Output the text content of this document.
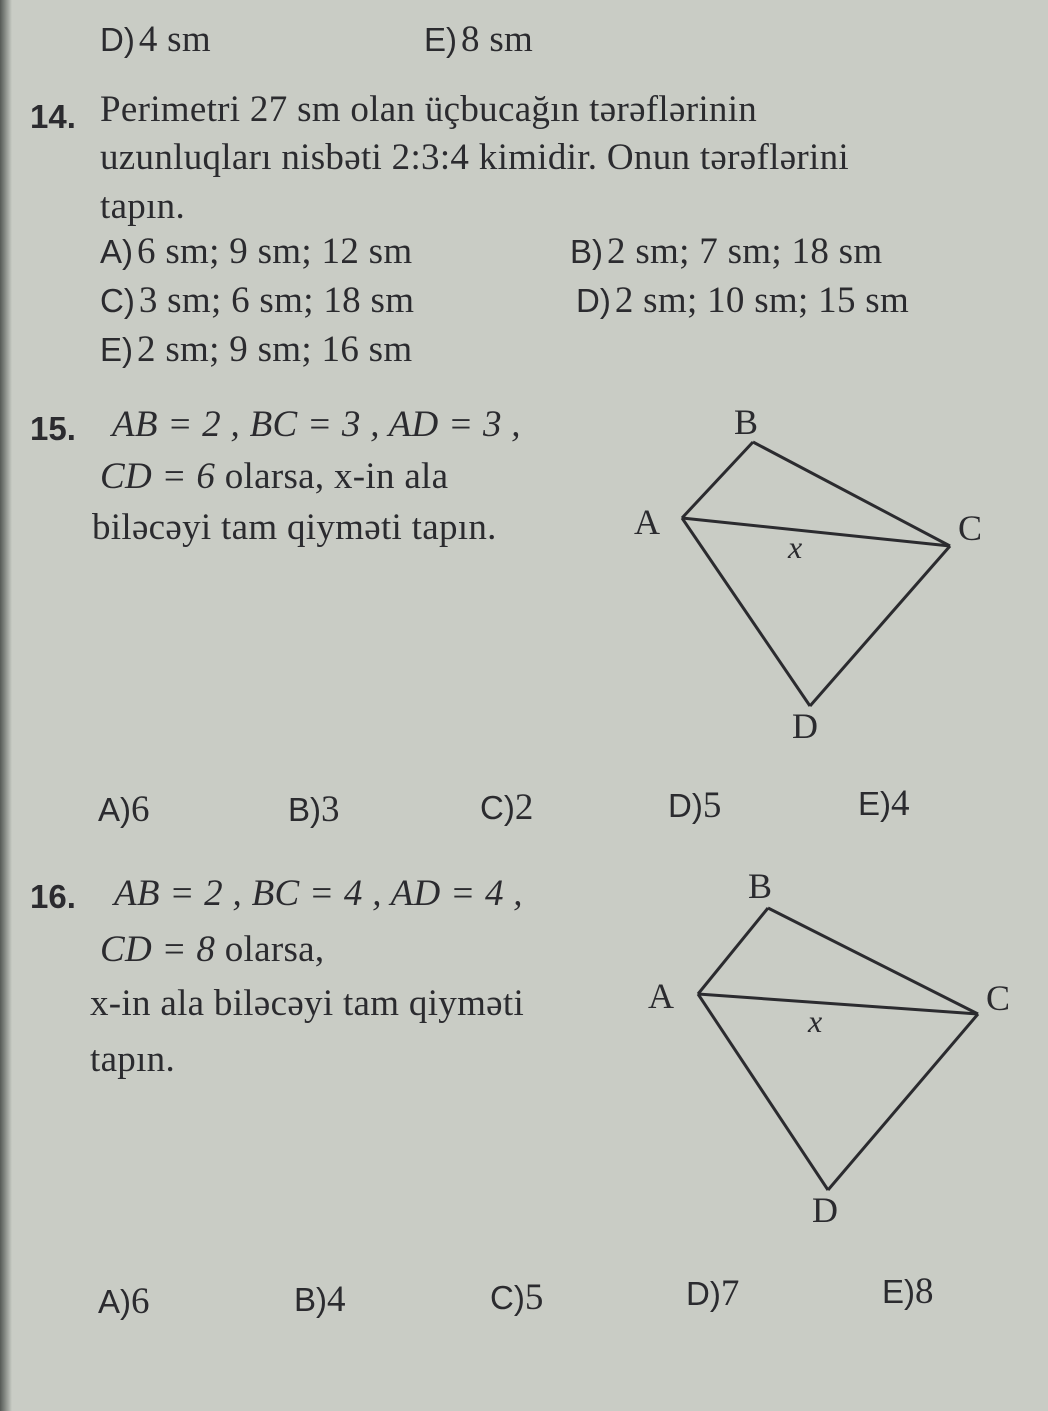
D) 4 sm	E) 8 sm
14. Perimetri 27 sm olan üçbucağın tərəflərinin
uzunluqları nisbəti 2:3:4 kimidir. Onun tərəflərini
tapın.
A) 6 sm; 9 sm; 12 sm	B) 2 sm; 7 sm; 18 sm
C) 3 sm; 6 sm; 18 sm	D) 2 sm; 10 sm; 15 sm
E) 2 sm; 9 sm; 16 sm
15. AB = 2 , BC = 3 , AD = 3 ,
CD = 6 olarsa, x-in ala
biləcəyi tam qiyməti tapın.
B
A	C
D
x
A)6	B)3	C)2	D)5	E)4
16. AB = 2 , BC = 4 , AD = 4 ,
CD = 8 olarsa,
x-in ala biləcəyi tam qiyməti
tapın.
B
A	C
D
x
A)6	B)4	C)5	D)7	E)8
